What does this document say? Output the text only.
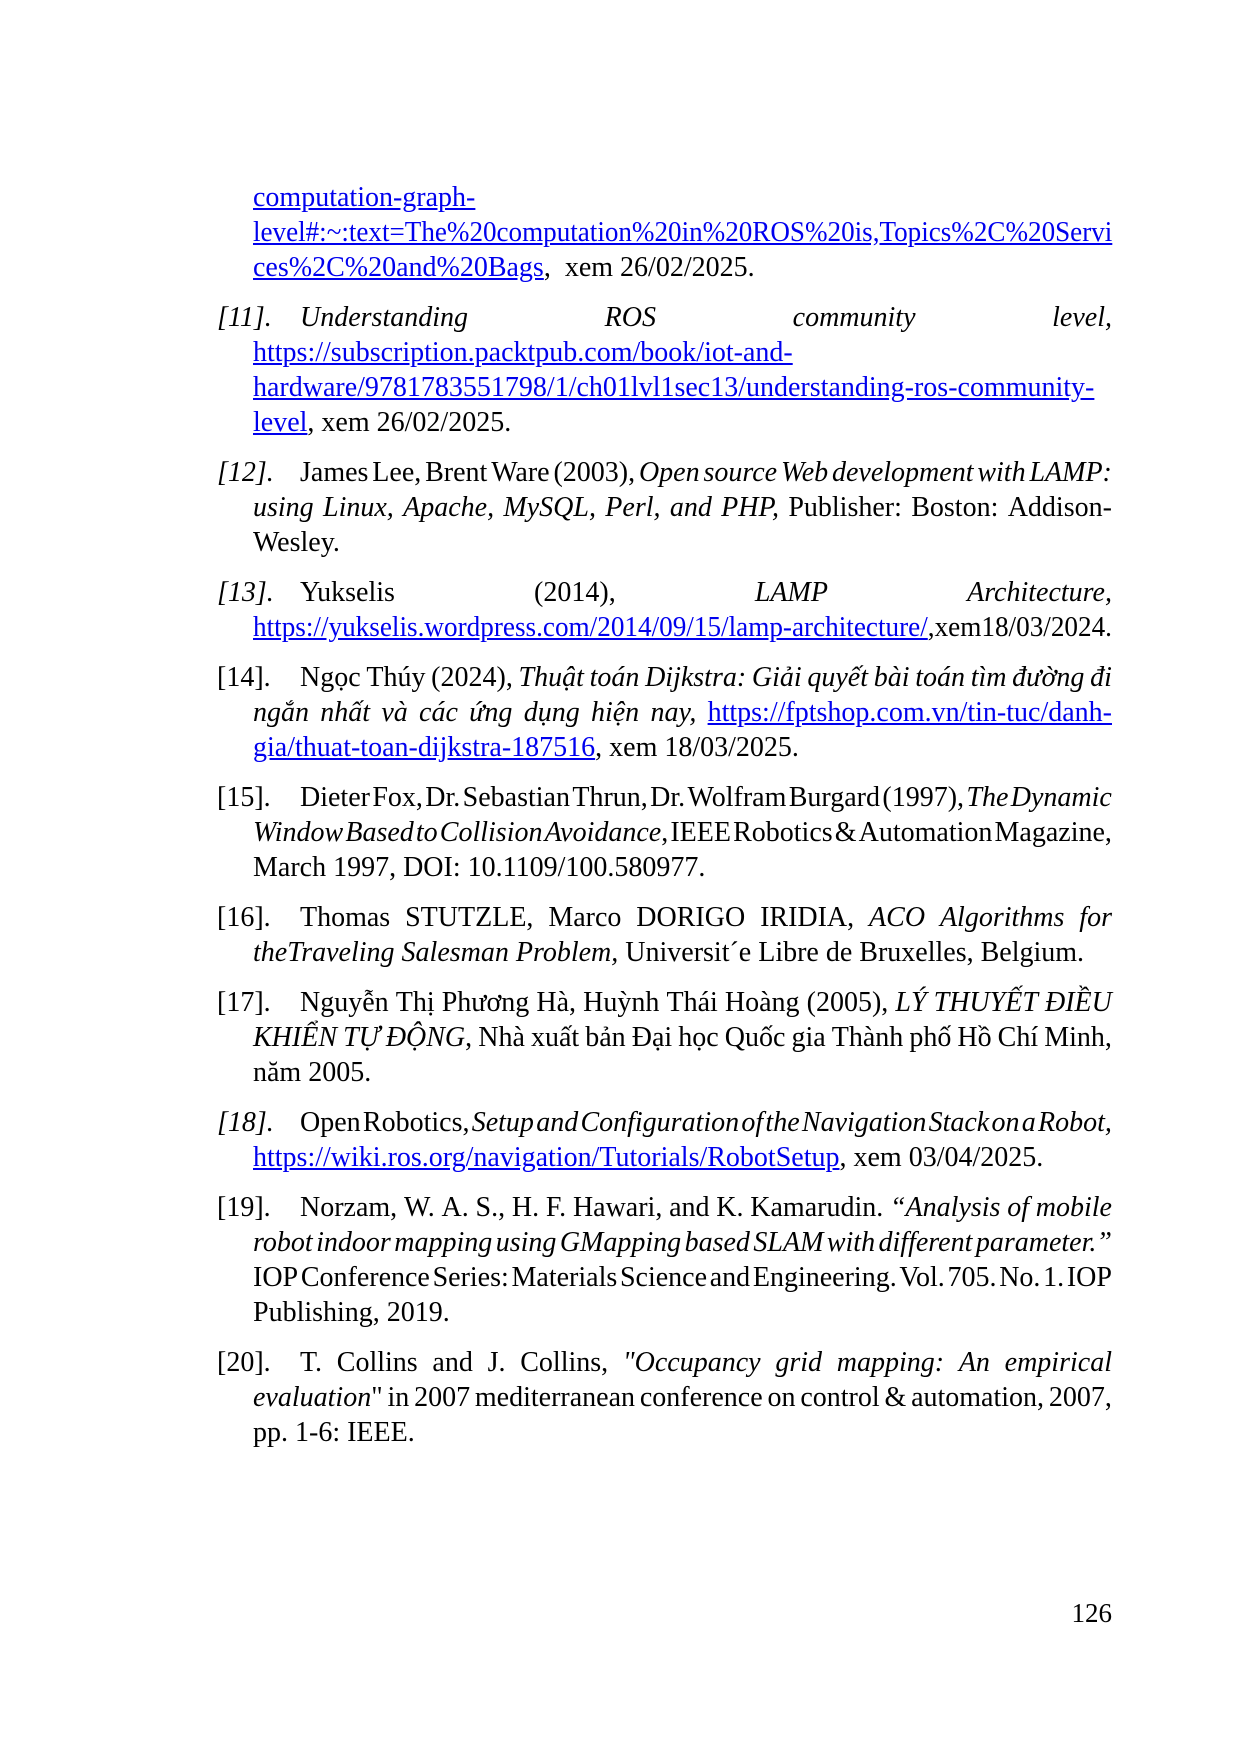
computation-graph-
level#:~:text=The%20computation%20in%20ROS%20is,Topics%2C%20Servi
ces%2C%20and%20Bags,  xem 26/02/2025.
[11]. Understanding	ROS	community	level,
https://subscription.packtpub.com/book/iot-and-
hardware/9781783551798/1/ch01lvl1sec13/understanding-ros-community-
level, xem 26/02/2025.
[12]. James Lee, Brent Ware (2003), Open source Web development with LAMP:
using Linux, Apache, MySQL, Perl, and PHP, Publisher: Boston: Addison-
Wesley.
[13]. Yukselis	(2014),	LAMP	Architecture,
https://yukselis.wordpress.com/2014/09/15/lamp-architecture/, xem 18/03/2024.
[14]. Ngọc Thúy (2024), Thuật toán Dijkstra: Giải quyết bài toán tìm đường đi
ngắn nhất và các ứng dụng hiện nay, https://fptshop.com.vn/tin-tuc/danh-
gia/thuat-toan-dijkstra-187516, xem 18/03/2025.
[15]. Dieter Fox, Dr. Sebastian Thrun, Dr. Wolfram Burgard (1997), The Dynamic
Window Based to Collision Avoidance, IEEE Robotics & Automation Magazine,
March 1997, DOI: 10.1109/100.580977.
[16]. Thomas STUTZLE, Marco DORIGO IRIDIA, ACO Algorithms for
theTraveling Salesman Problem, Universit´e Libre de Bruxelles, Belgium.
[17]. Nguyễn Thị Phương Hà, Huỳnh Thái Hoàng (2005), LÝ THUYẾT ĐIỀU
KHIỂN TỰ ĐỘNG, Nhà xuất bản Đại học Quốc gia Thành phố Hồ Chí Minh,
năm 2005.
[18]. Open Robotics, Setup and Configuration of the Navigation Stack on a Robot,
https://wiki.ros.org/navigation/Tutorials/RobotSetup, xem 03/04/2025.
[19]. Norzam, W. A. S., H. F. Hawari, and K. Kamarudin. “Analysis of mobile
robot indoor mapping using GMapping based SLAM with different parameter.”
IOP Conference Series: Materials Science and Engineering. Vol. 705. No. 1. IOP
Publishing, 2019.
[20]. T. Collins and J. Collins, "Occupancy grid mapping: An empirical
evaluation" in 2007 mediterranean conference on control & automation, 2007,
pp. 1-6: IEEE.
126
